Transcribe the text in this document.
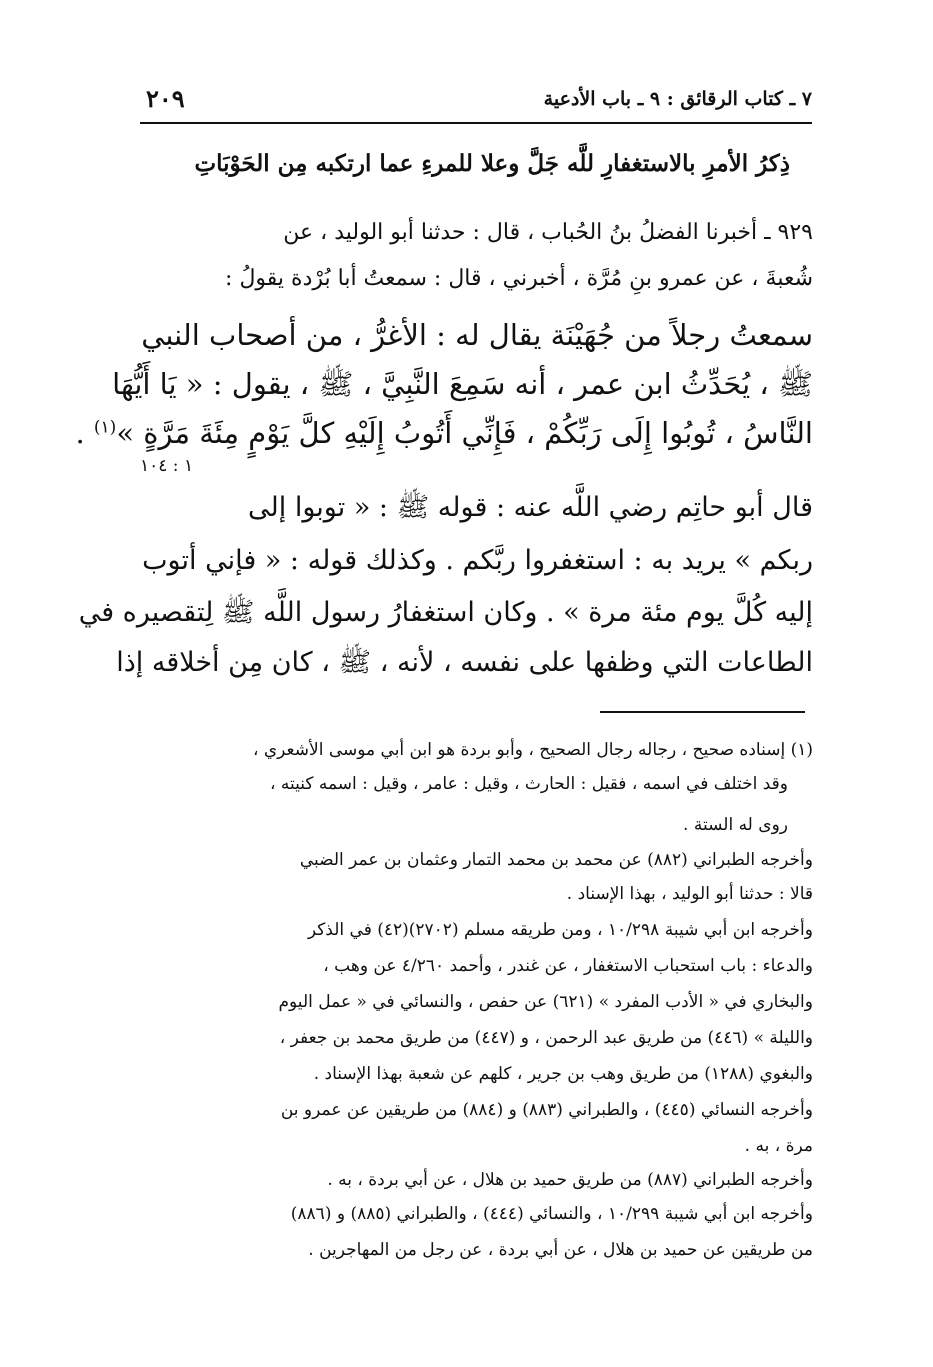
٧ ـ كتاب الرقائق : ٩ ـ باب الأدعية
٢٠٩
ذِكرُ الأمرِ بالاستغفارِ للَّه جَلَّ وعلا للمرءِ عما ارتكبه مِن الحَوْبَاتِ
٩٢٩ ـ أخبرنا الفضلُ بنُ الحُباب ، قال : حدثنا أبو الوليد ، عن
شُعبةَ ، عن عمرو بنِ مُرَّة ، أخبرني ، قال : سمعتُ أبا بُرْدة يقولُ :
سمعتُ رجلاً من جُهَيْنَة يقال له : الأغرُّ ، من أصحاب النبي
ﷺ ، يُحَدِّثُ ابن عمر ، أنه سَمِعَ النَّبِيَّ ، ﷺ ، يقول : « يَا أَيُّهَا
النَّاسُ ، تُوبُوا إِلَى رَبِّكُمْ ، فَإِنِّي أَتُوبُ إِلَيْهِ كلَّ يَوْمٍ مِئَةَ مَرَّةٍ »$^{(١)}$ .
١ : ١٠٤
قال أبو حاتِم رضي اللَّه عنه : قوله ﷺ : « توبوا إلى
ربكم » يريد به : استغفروا ربَّكم . وكذلك قوله : « فإني أتوب
إليه كُلَّ يوم مئة مرة » . وكان استغفارُ رسول اللَّه ﷺ لِتقصيره في
الطاعات التي وظفها على نفسه ، لأنه ، ﷺ ، كان مِن أخلاقه إذا
(١) إسناده صحيح ، رجاله رجال الصحيح ، وأبو بردة هو ابن أبي موسى الأشعري ،
وقد اختلف في اسمه ، فقيل : الحارث ، وقيل : عامر ، وقيل : اسمه كنيته ،
روى له الستة .
وأخرجه الطبراني (٨٨٢) عن محمد بن محمد التمار وعثمان بن عمر الضبي
قالا : حدثنا أبو الوليد ، بهذا الإسناد .
وأخرجه ابن أبي شيبة ١٠/٢٩٨ ، ومن طريقه مسلم (٢٧٠٢)(٤٢) في الذكر
والدعاء : باب استحباب الاستغفار ، عن غندر ، وأحمد ٤/٢٦٠ عن وهب ،
والبخاري في « الأدب المفرد » (٦٢١) عن حفص ، والنسائي في « عمل اليوم
والليلة » (٤٤٦) من طريق عبد الرحمن ، و (٤٤٧) من طريق محمد بن جعفر ،
والبغوي (١٢٨٨) من طريق وهب بن جرير ، كلهم عن شعبة بهذا الإسناد .
وأخرجه النسائي (٤٤٥) ، والطبراني (٨٨٣) و (٨٨٤) من طريقين عن عمرو بن
مرة ، به .
وأخرجه الطبراني (٨٨٧) من طريق حميد بن هلال ، عن أبي بردة ، به .
وأخرجه ابن أبي شيبة ١٠/٢٩٩ ، والنسائي (٤٤٤) ، والطبراني (٨٨٥) و (٨٨٦)
من طريقين عن حميد بن هلال ، عن أبي بردة ، عن رجل من المهاجرين .
